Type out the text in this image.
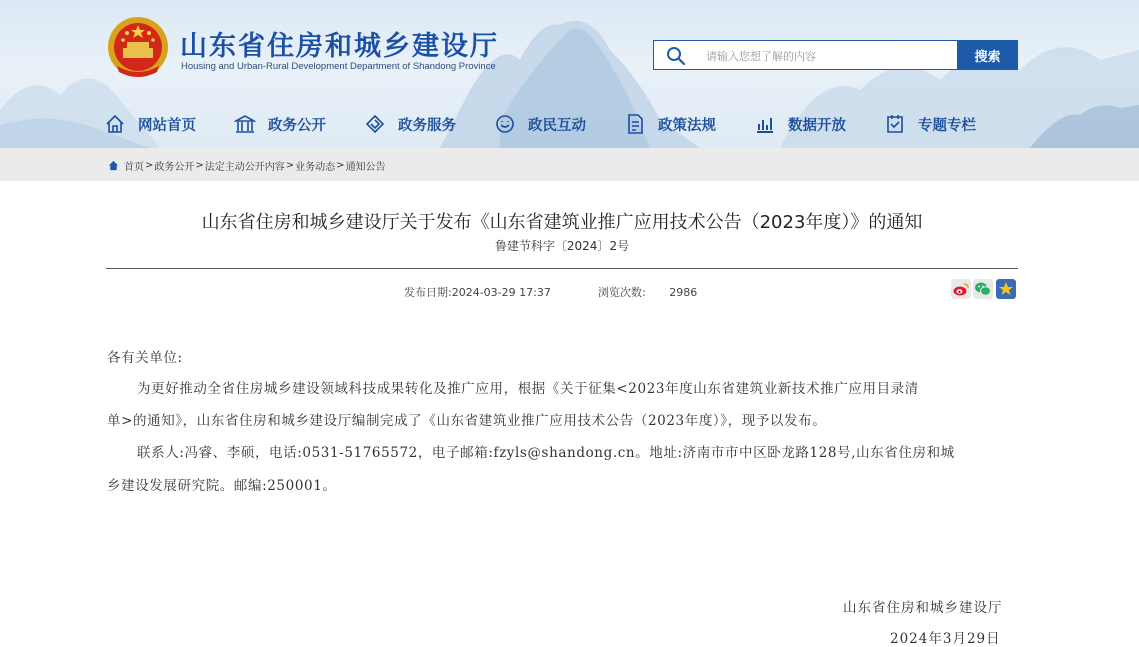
山东省住房和城乡建设厅
Housing and Urban-Rural Development Department of Shandong Province
请输入您想了解的内容
搜索
网站首页	政务公开	政务服务	政民互动	政策法规	数据开放	专题专栏
首页 > 政务公开 > 法定主动公开内容 > 业务动态 > 通知公告
山东省住房和城乡建设厅关于发布《山东省建筑业推广应用技术公告（2023年度）》的通知
鲁建节科字〔2024〕2号
发布日期:2024-03-29 17:37	浏览次数: 2986
各有关单位:
为更好推动全省住房城乡建设领域科技成果转化及推广应用，根据《关于征集<2023年度山东省建筑业新技术推广应用目录清
单>的通知》，山东省住房和城乡建设厅编制完成了《山东省建筑业推广应用技术公告（2023年度）》，现予以发布。
联系人:冯睿、李硕，电话:0531-51765572，电子邮箱:fzyls@shandong.cn。地址:济南市市中区卧龙路128号,山东省住房和城
乡建设发展研究院。邮编:250001。
山东省住房和城乡建设厅
2024年3月29日
